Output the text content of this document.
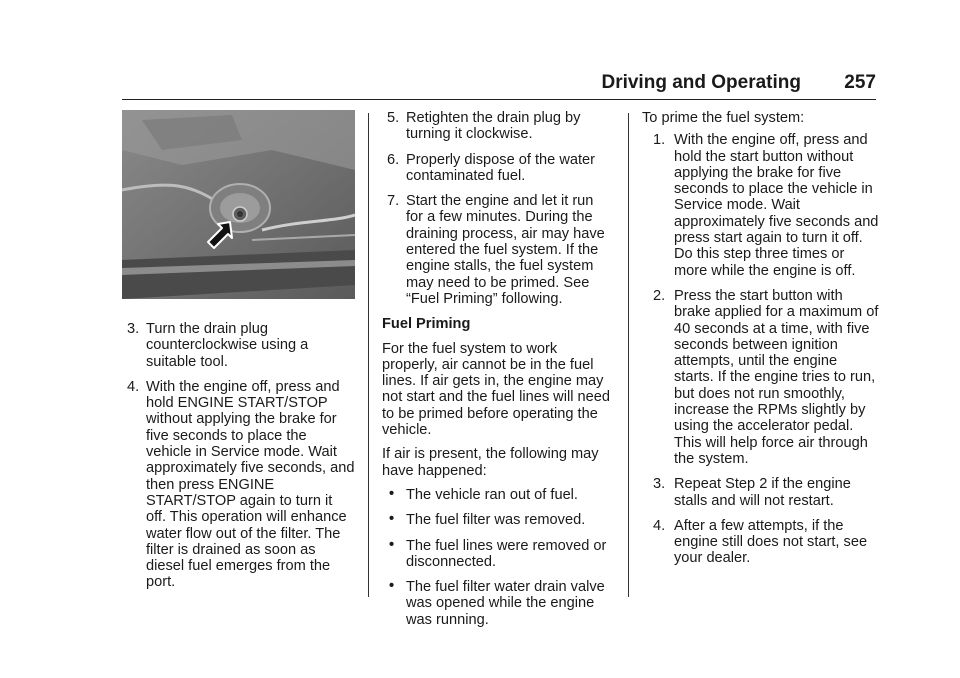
Driving and Operating 257
3. Turn the drain plug counterclockwise using a suitable tool.
4. With the engine off, press and hold ENGINE START/STOP without applying the brake for five seconds to place the vehicle in Service mode. Wait approximately five seconds, and then press ENGINE START/STOP again to turn it off. This operation will enhance water flow out of the filter. The filter is drained as soon as diesel fuel emerges from the port.
5. Retighten the drain plug by turning it clockwise.
6. Properly dispose of the water contaminated fuel.
7. Start the engine and let it run for a few minutes. During the draining process, air may have entered the fuel system. If the engine stalls, the fuel system may need to be primed. See “Fuel Priming” following.
Fuel Priming

For the fuel system to work properly, air cannot be in the fuel lines. If air gets in, the engine may not start and the fuel lines will need to be primed before operating the vehicle.

If air is present, the following may have happened:

• The vehicle ran out of fuel.
• The fuel filter was removed.
• The fuel lines were removed or disconnected.
• The fuel filter water drain valve was opened while the engine was running.

To prime the fuel system:

1. With the engine off, press and hold the start button without applying the brake for five seconds to place the vehicle in Service mode. Wait approximately five seconds and press start again to turn it off. Do this step three times or more while the engine is off.
2. Press the start button with brake applied for a maximum of 40 seconds at a time, with five seconds between ignition attempts, until the engine starts. If the engine tries to run, but does not run smoothly, increase the RPMs slightly by using the accelerator pedal. This will help force air through the system.
3. Repeat Step 2 if the engine stalls and will not restart.
4. After a few attempts, if the engine still does not start, see your dealer.
